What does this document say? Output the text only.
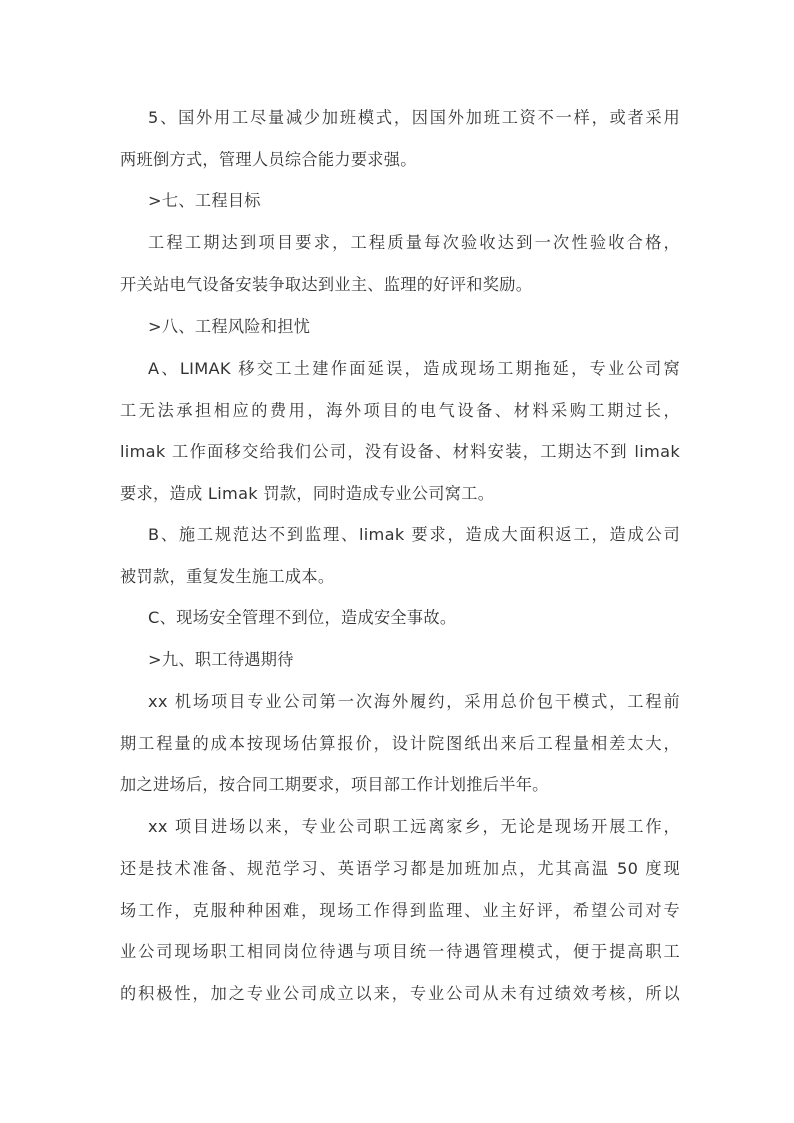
5、国外用工尽量减少加班模式，因国外加班工资不一样，或者采用
两班倒方式，管理人员综合能力要求强。
>七、工程目标
工程工期达到项目要求，工程质量每次验收达到一次性验收合格，
开关站电气设备安装争取达到业主、监理的好评和奖励。
>八、工程风险和担忧
A、LIMAK 移交工土建作面延误，造成现场工期拖延，专业公司窝
工无法承担相应的费用，海外项目的电气设备、材料采购工期过长，
limak 工作面移交给我们公司，没有设备、材料安装，工期达不到 limak
要求，造成 Limak 罚款，同时造成专业公司窝工。
B、施工规范达不到监理、limak 要求，造成大面积返工，造成公司
被罚款，重复发生施工成本。
C、现场安全管理不到位，造成安全事故。
>九、职工待遇期待
xx 机场项目专业公司第一次海外履约，采用总价包干模式，工程前
期工程量的成本按现场估算报价，设计院图纸出来后工程量相差太大，
加之进场后，按合同工期要求，项目部工作计划推后半年。
xx 项目进场以来，专业公司职工远离家乡，无论是现场开展工作，
还是技术准备、规范学习、英语学习都是加班加点，尤其高温 50 度现
场工作，克服种种困难，现场工作得到监理、业主好评，希望公司对专
业公司现场职工相同岗位待遇与项目统一待遇管理模式，便于提高职工
的积极性，加之专业公司成立以来，专业公司从未有过绩效考核，所以
